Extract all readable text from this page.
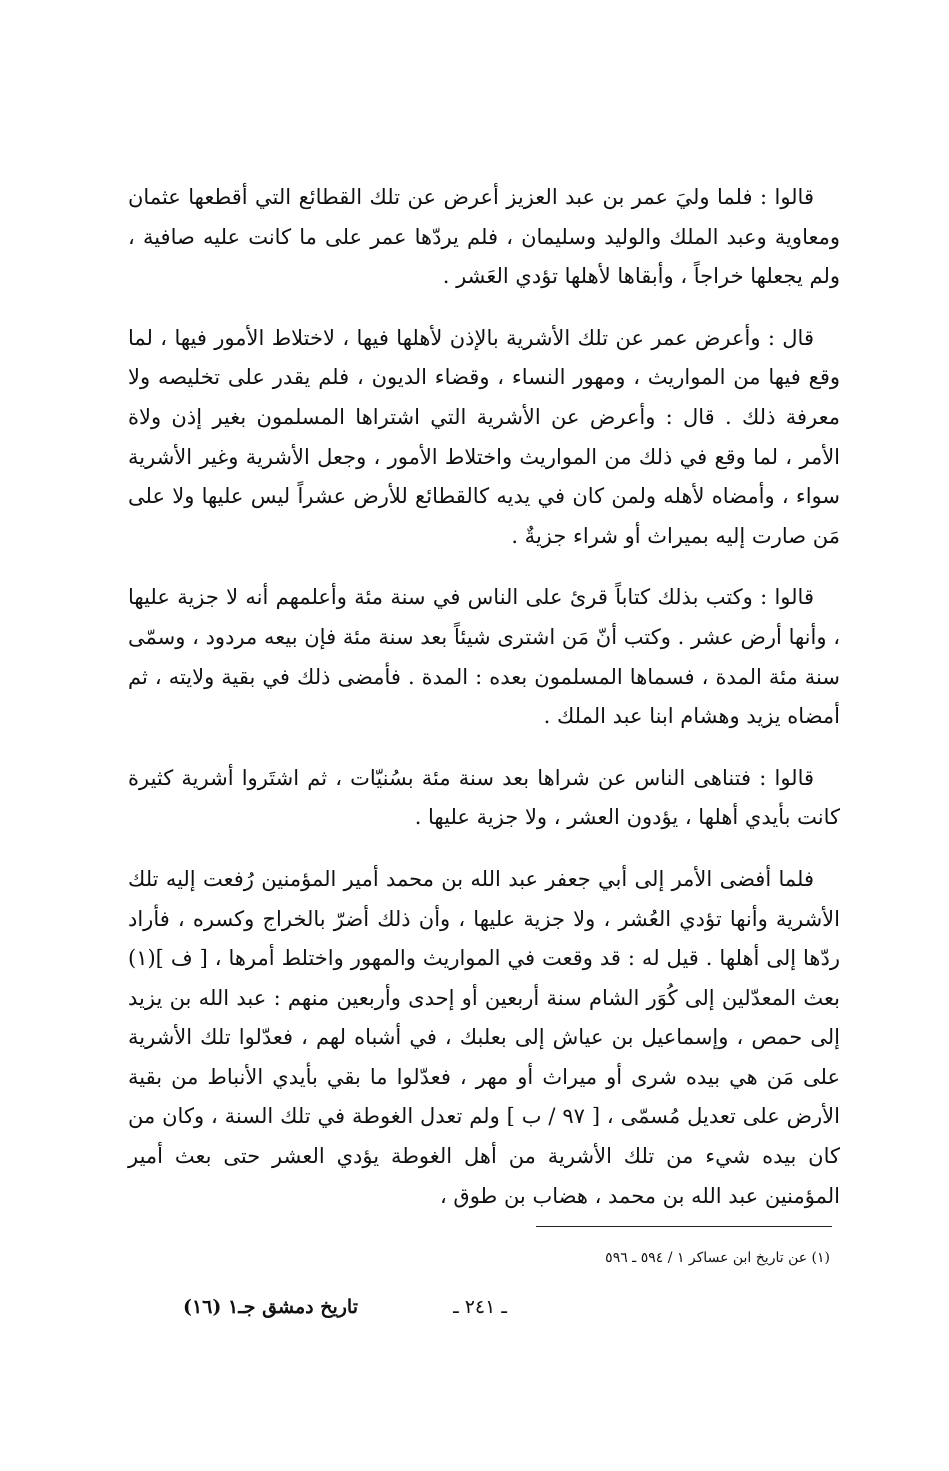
قالوا : فلما وليَ عمر بن عبد العزيز أعرض عن تلك القطائع التي أقطعها عثمان ومعاوية وعبد الملك والوليد وسليمان ، فلم يردّها عمر على ما كانت عليه صافية ، ولم يجعلها خراجاً ، وأبقاها لأهلها تؤدي العَشر .

قال : وأعرض عمر عن تلك الأشرية بالإذن لأهلها فيها ، لاختلاط الأمور فيها ، لما وقع فيها من المواريث ، ومهور النساء ، وقضاء الديون ، فلم يقدر على تخليصه ولا معرفة ذلك . قال : وأعرض عن الأشرية التي اشتراها المسلمون بغير إذن ولاة الأمر ، لما وقع في ذلك من المواريث واختلاط الأمور ، وجعل الأشرية وغير الأشرية سواء ، وأمضاه لأهله ولمن كان في يديه كالقطائع للأرض عشراً ليس عليها ولا على مَن صارت إليه بميراث أو شراء جزيةٌ .

قالوا : وكتب بذلك كتاباً قرئ على الناس في سنة مئة وأعلمهم أنه لا جزية عليها ، وأنها أرض عشر . وكتب أنّ مَن اشترى شيئاً بعد سنة مئة فإن بيعه مردود ، وسمّى سنة مئة المدة ، فسماها المسلمون بعده : المدة . فأمضى ذلك في بقية ولايته ، ثم أمضاه يزيد وهشام ابنا عبد الملك .

قالوا : فتناهى الناس عن شراها بعد سنة مئة بسُنيّات ، ثم اشتَروا أشرية كثيرة كانت بأيدي أهلها ، يؤدون العشر ، ولا جزية عليها .

فلما أفضى الأمر إلى أبي جعفر عبد الله بن محمد أمير المؤمنين رُفعت إليه تلك الأشرية وأنها تؤدي العُشر ، ولا جزية عليها ، وأن ذلك أضرّ بالخراج وكسره ، فأراد ردّها إلى أهلها . قيل له : قد وقعت في المواريث والمهور واختلط أمرها ، [ ف ](١) بعث المعدّلين إلى كُوَر الشام سنة أربعين أو إحدى وأربعين منهم : عبد الله بن يزيد إلى حمص ، وإسماعيل بن عياش إلى بعلبك ، في أشباه لهم ، فعدّلوا تلك الأشرية على مَن هي بيده شرى أو ميراث أو مهر ، فعدّلوا ما بقي بأيدي الأنباط من بقية الأرض على تعديل مُسمّى ، [ ٩٧ / ب ] ولم تعدل الغوطة في تلك السنة ، وكان من كان بيده شيء من تلك الأشرية من أهل الغوطة يؤدي العشر حتى بعث أمير المؤمنين عبد الله بن محمد ، هضاب بن طوق ،

(١) عن تاريخ ابن عساكر ١ / ٥٩٤ ـ ٥٩٦
تاريخ دمشق جـ١ (١٦)	ـ ٢٤١ ـ
